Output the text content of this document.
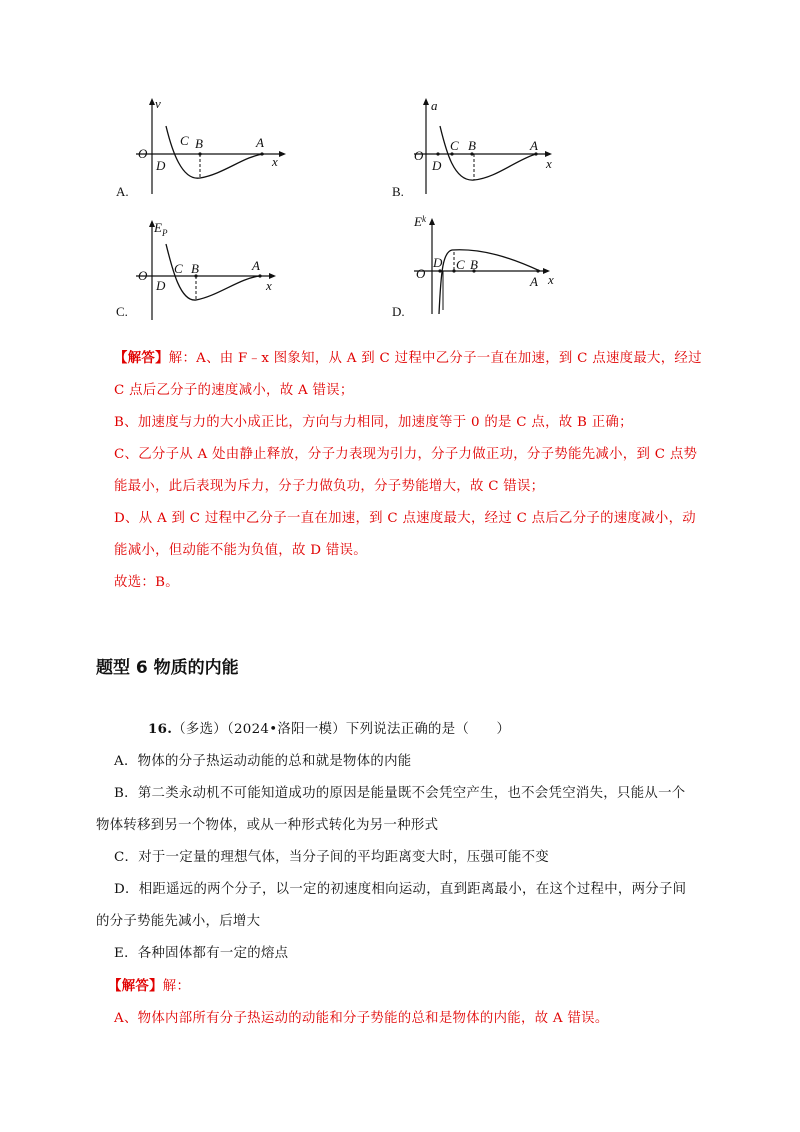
v
O
D
C B	A
x
A.
a
O
D
C B	A
x
B.
$E_P$
O
D
C B	A
x
C.
$E^k$
O
D C B
A x
D.

【解答】解：A、由 F﹣x 图象知，从 A 到 C 过程中乙分子一直在加速，到 C 点速度最大，经过

C 点后乙分子的速度减小，故 A 错误；

B、加速度与力的大小成正比，方向与力相同，加速度等于 0 的是 C 点，故 B 正确；

C、乙分子从 A 处由静止释放，分子力表现为引力，分子力做正功，分子势能先减小，到 C 点势

能最小，此后表现为斥力，分子力做负功，分子势能增大，故 C 错误；

D、从 A 到 C 过程中乙分子一直在加速，到 C 点速度最大，经过 C 点后乙分子的速度减小，动

能减小，但动能不能为负值，故 D 错误。

故选：B。

题型 6 物质的内能

16.（多选）（2024•洛阳一模）下列说法正确的是（　　）

A．物体的分子热运动动能的总和就是物体的内能

B．第二类永动机不可能知道成功的原因是能量既不会凭空产生，也不会凭空消失，只能从一个

物体转移到另一个物体，或从一种形式转化为另一种形式

C．对于一定量的理想气体，当分子间的平均距离变大时，压强可能不变

D．相距遥远的两个分子，以一定的初速度相向运动，直到距离最小，在这个过程中，两分子间

的分子势能先减小，后增大

E．各种固体都有一定的熔点

【解答】解：

A、物体内部所有分子热运动的动能和分子势能的总和是物体的内能，故 A 错误。
